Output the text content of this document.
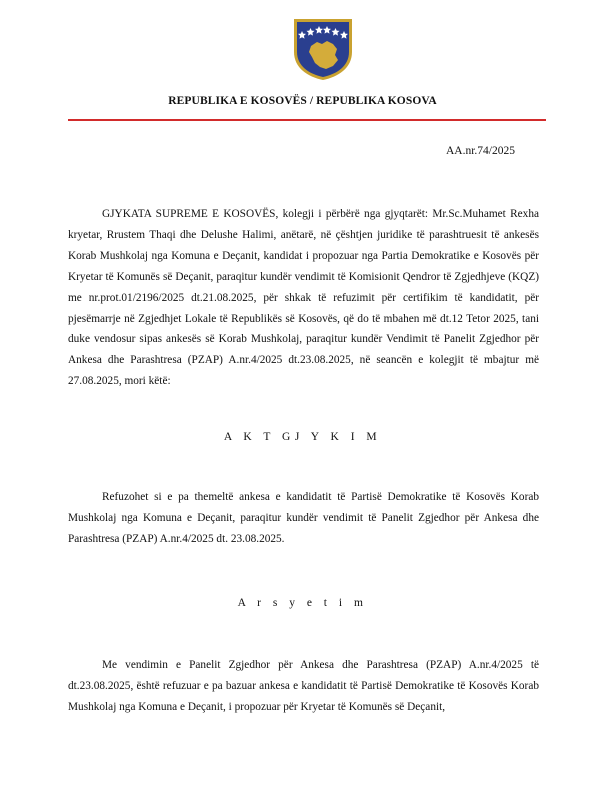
REPUBLIKA E KOSOVËS / REPUBLIKA KOSOVA
AA.nr.74/2025

GJYKATA SUPREME E KOSOVËS, kolegji i përbërë nga gjyqtarët: Mr.Sc.Muhamet Rexha kryetar, Rrustem Thaqi dhe Delushe Halimi, anëtarë, në çështjen juridike të parashtruesit të ankesës Korab Mushkolaj nga Komuna e Deçanit, kandidat i propozuar nga Partia Demokratike e Kosovës për Kryetar të Komunës së Deçanit, paraqitur kundër vendimit të Komisionit Qendror të Zgjedhjeve (KQZ) me nr.prot.01/2196/2025 dt.21.08.2025, për shkak të refuzimit për certifikim të kandidatit, për pjesëmarrje në Zgjedhjet Lokale të Republikës së Kosovës, që do të mbahen më dt.12 Tetor 2025, tani duke vendosur sipas ankesës së Korab Mushkolaj, paraqitur kundër Vendimit të Panelit Zgjedhor për Ankesa dhe Parashtresa (PZAP) A.nr.4/2025 dt.23.08.2025, në seancën e kolegjit të mbajtur më 27.08.2025, mori këtë:

A K T GJ Y K I M

Refuzohet si e pa themeltë ankesa e kandidatit të Partisë Demokratike të Kosovës Korab Mushkolaj nga Komuna e Deçanit, paraqitur kundër vendimit të Panelit Zgjedhor për Ankesa dhe Parashtresa (PZAP) A.nr.4/2025 dt. 23.08.2025.

A r s y e t i m

Me vendimin e Panelit Zgjedhor për Ankesa dhe Parashtresa (PZAP) A.nr.4/2025 të dt.23.08.2025, është refuzuar e pa bazuar ankesa e kandidatit të Partisë Demokratike të Kosovës Korab Mushkolaj nga Komuna e Deçanit, i propozuar për Kryetar të Komunës së Deçanit,
